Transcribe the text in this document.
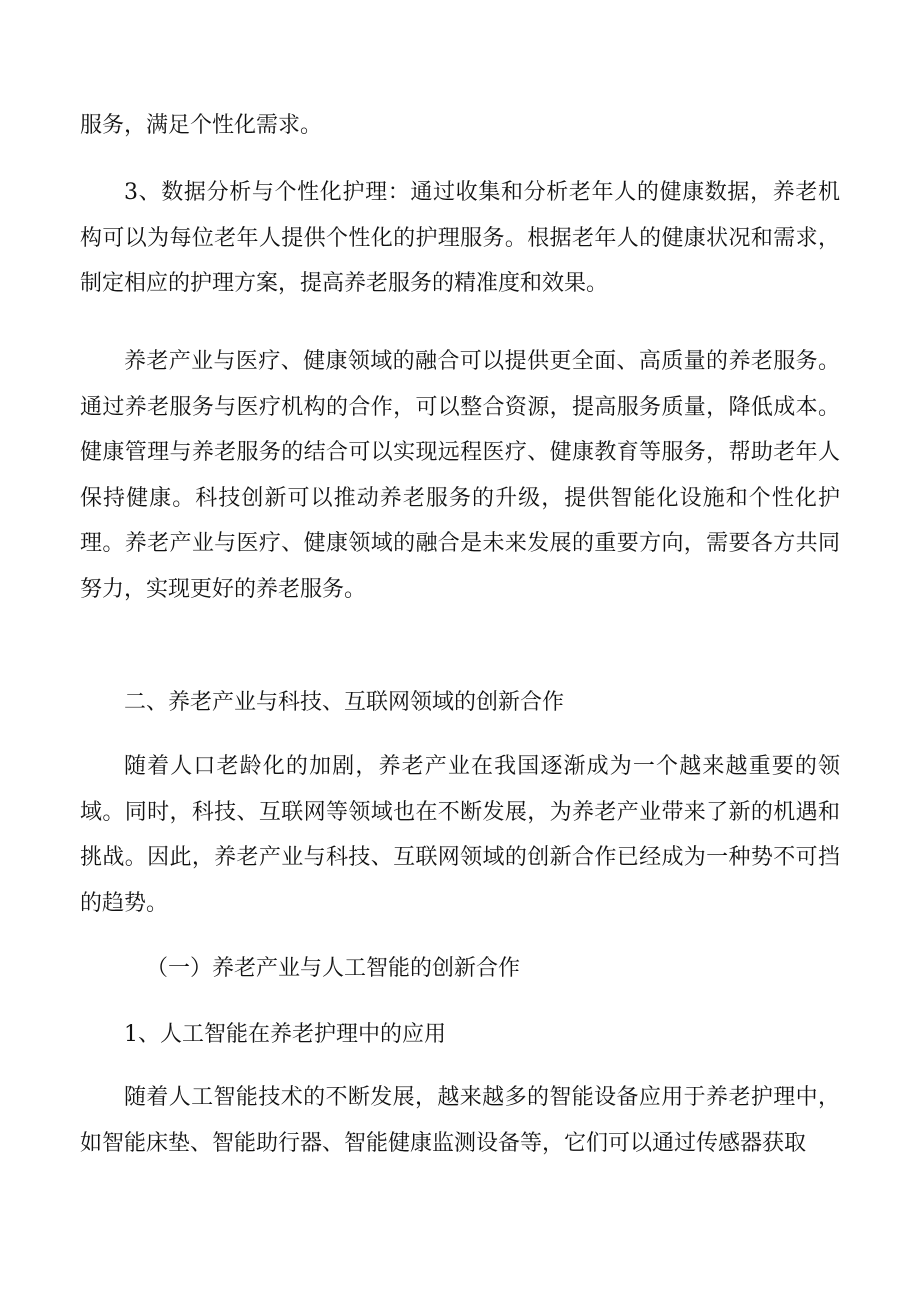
服务，满足个性化需求。

3、数据分析与个性化护理：通过收集和分析老年人的健康数据，养老机构可以为每位老年人提供个性化的护理服务。根据老年人的健康状况和需求，制定相应的护理方案，提高养老服务的精准度和效果。

养老产业与医疗、健康领域的融合可以提供更全面、高质量的养老服务。通过养老服务与医疗机构的合作，可以整合资源，提高服务质量，降低成本。健康管理与养老服务的结合可以实现远程医疗、健康教育等服务，帮助老年人保持健康。科技创新可以推动养老服务的升级，提供智能化设施和个性化护理。养老产业与医疗、健康领域的融合是未来发展的重要方向，需要各方共同努力，实现更好的养老服务。

二、养老产业与科技、互联网领域的创新合作

随着人口老龄化的加剧，养老产业在我国逐渐成为一个越来越重要的领域。同时，科技、互联网等领域也在不断发展，为养老产业带来了新的机遇和挑战。因此，养老产业与科技、互联网领域的创新合作已经成为一种势不可挡的趋势。

（一）养老产业与人工智能的创新合作

1、人工智能在养老护理中的应用

随着人工智能技术的不断发展，越来越多的智能设备应用于养老护理中，如智能床垫、智能助行器、智能健康监测设备等，它们可以通过传感器获取
